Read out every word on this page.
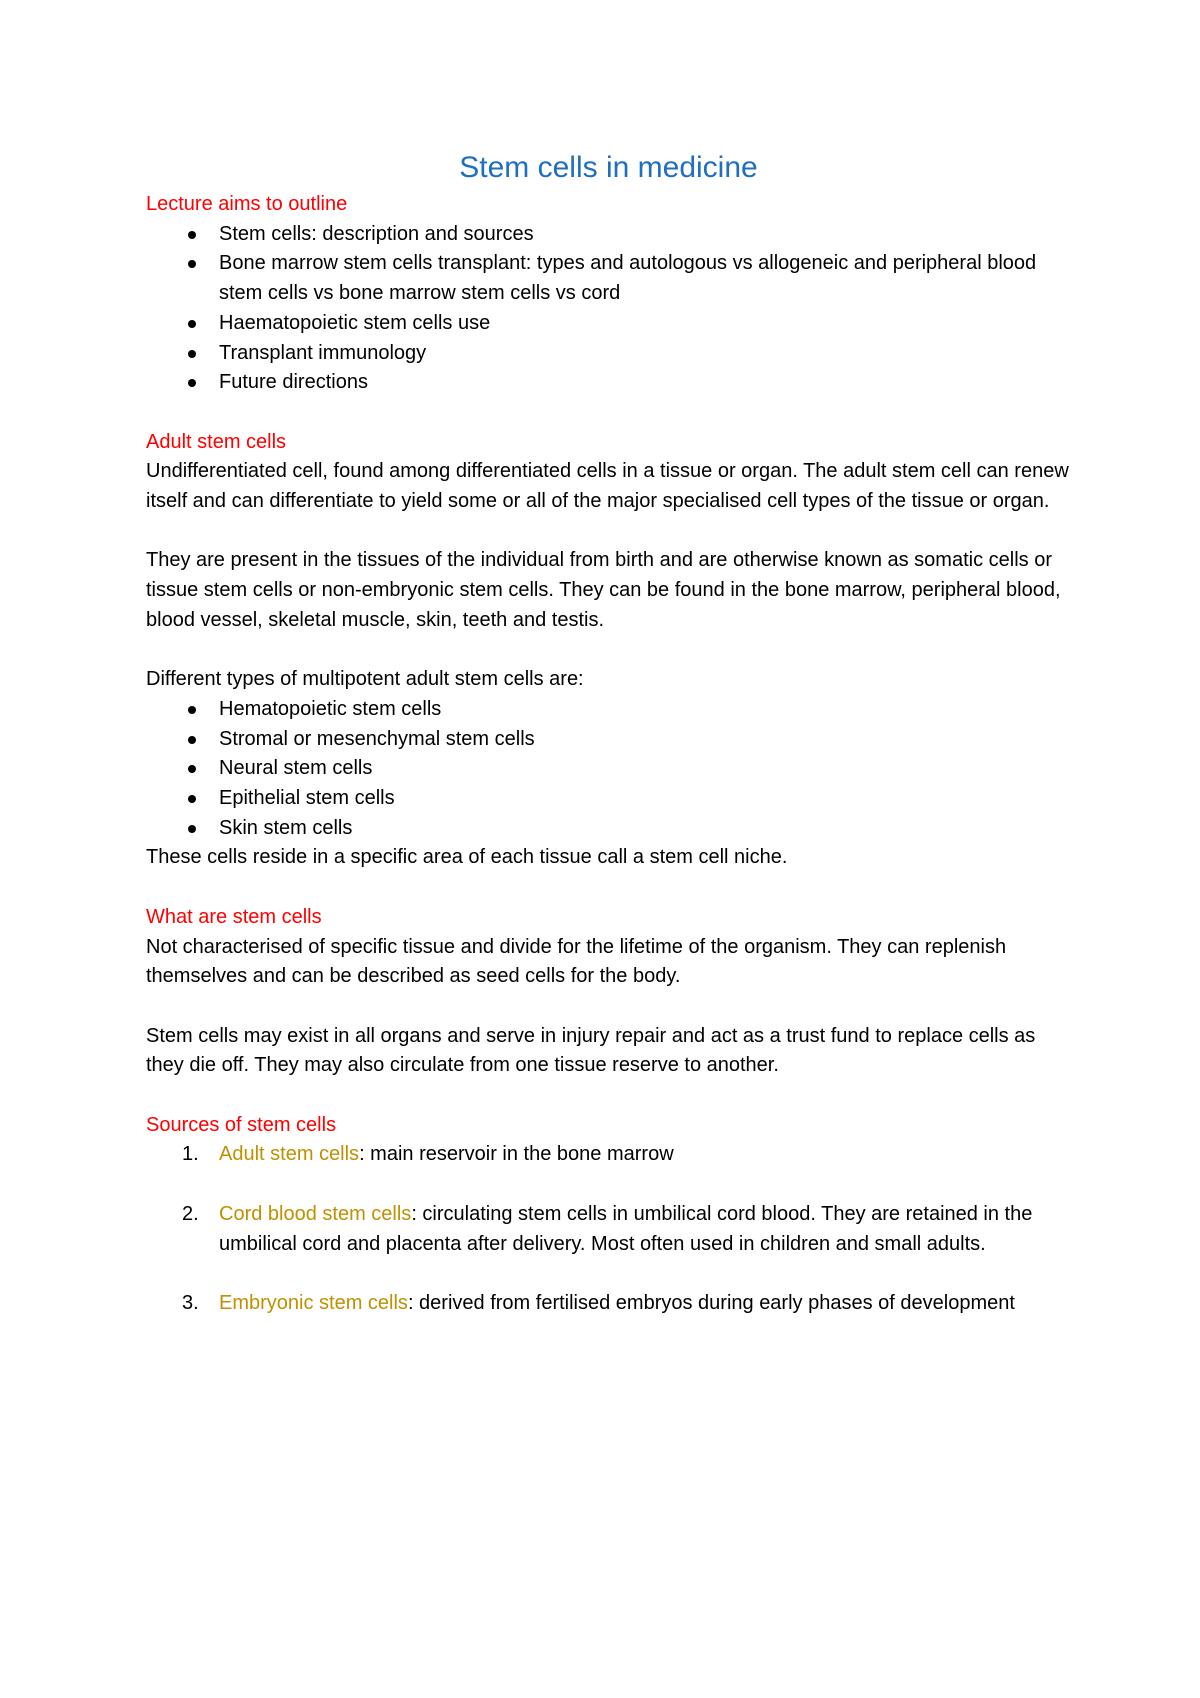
Stem cells in medicine

Lecture aims to outline

Stem cells: description and sources
Bone marrow stem cells transplant: types and autologous vs allogeneic and peripheral blood stem cells vs bone marrow stem cells vs cord
Haematopoietic stem cells use
Transplant immunology
Future directions

Adult stem cells

Undifferentiated cell, found among differentiated cells in a tissue or organ. The adult stem cell can renew itself and can differentiate to yield some or all of the major specialised cell types of the tissue or organ.

They are present in the tissues of the individual from birth and are otherwise known as somatic cells or tissue stem cells or non-embryonic stem cells. They can be found in the bone marrow, peripheral blood, blood vessel, skeletal muscle, skin, teeth and testis.

Different types of multipotent adult stem cells are:

Hematopoietic stem cells
Stromal or mesenchymal stem cells
Neural stem cells
Epithelial stem cells
Skin stem cells

These cells reside in a specific area of each tissue call a stem cell niche.

What are stem cells

Not characterised of specific tissue and divide for the lifetime of the organism. They can replenish themselves and can be described as seed cells for the body.

Stem cells may exist in all organs and serve in injury repair and act as a trust fund to replace cells as they die off. They may also circulate from one tissue reserve to another.

Sources of stem cells

1. Adult stem cells: main reservoir in the bone marrow
2. Cord blood stem cells: circulating stem cells in umbilical cord blood. They are retained in the umbilical cord and placenta after delivery. Most often used in children and small adults.
3. Embryonic stem cells: derived from fertilised embryos during early phases of development
